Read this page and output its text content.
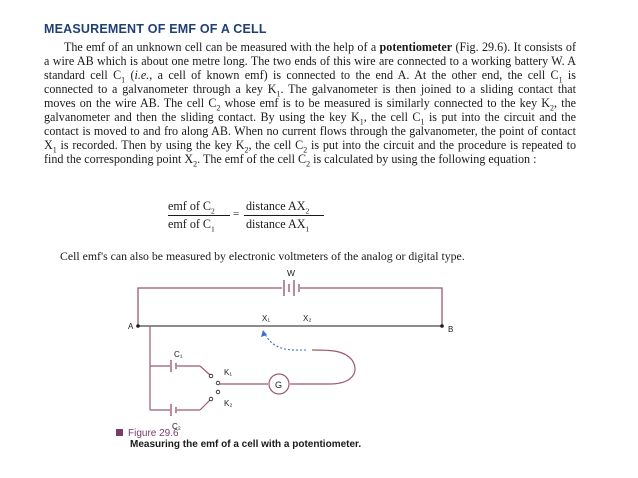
MEASUREMENT OF EMF OF A CELL

The emf of an unknown cell can be measured with the help of a potentiometer (Fig. 29.6). It consists of a wire AB which is about one metre long. The two ends of this wire are connected to a working battery W. A standard cell $C_1$ (i.e., a cell of known emf) is connected to the end A. At the other end, the cell $C_1$ is connected to a galvanometer through a key $K_1$. The galvanometer is then joined to a sliding contact that moves on the wire AB. The cell $C_2$ whose emf is to be measured is similarly connected to the key $K_2$, the galvanometer and then the sliding contact. By using the key $K_1$, the cell $C_1$ is put into the circuit and the contact is moved to and fro along AB. When no current flows through the galvanometer, the point of contact $X_1$ is recorded. Then by using the key $K_2$, the cell $C_2$ is put into the circuit and the procedure is repeated to find the corresponding point $X_2$. The emf of the cell $C_2$ is calculated by using the following equation :

emf of $C_2$
emf of $C_1$
=
distance $AX_2$
distance $AX_1$
Cell emf's can also be measured by electronic voltmeters of the analog or digital type.
W
A	B
X₁	X₂
C₁
C₂
K₁
K₂
G
Figure 29.6
Measuring the emf of a cell with a potentiometer.
